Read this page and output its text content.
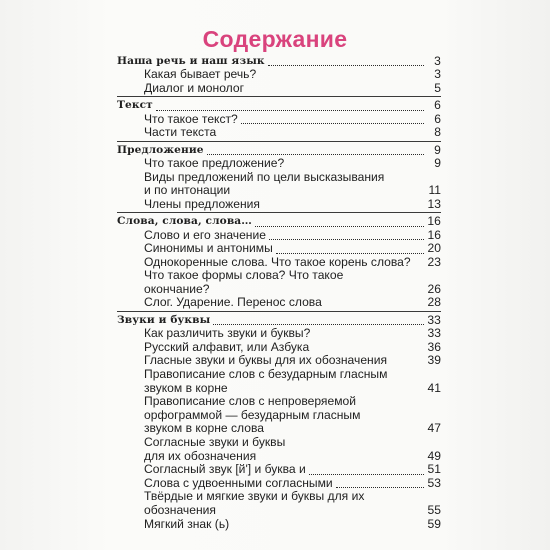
Содержание
Наша речь и наш язык	3
Какая бывает речь?	3
Диалог и монолог	5
Текст	6
Что такое текст?	6
Части текста	8
Предложение	9
Что такое предложение?	9
Виды предложений по цели высказывания
и по интонации	11
Члены предложения	13
Слова, слова, слова…	16
Слово и его значение	16
Синонимы и антонимы	20
Однокоренные слова. Что такое корень слова? 23
Что такое формы слова? Что такое
окончание?	26
Слог. Ударение. Перенос слова	28
Звуки и буквы	33
Как различить звуки и буквы?	33
Русский алфавит, или Азбука	36
Гласные звуки и буквы для их обозначения	39
Правописание слов с безударным гласным
звуком в корне	41
Правописание слов с непроверяемой
орфограммой — безударным гласным
звуком в корне слова	47
Согласные звуки и буквы
для их обозначения	49
Согласный звук [й'] и буква и	51
Слова с удвоенными согласными	53
Твёрдые и мягкие звуки и буквы для их
обозначения	55
Мягкий знак (ь)	59
